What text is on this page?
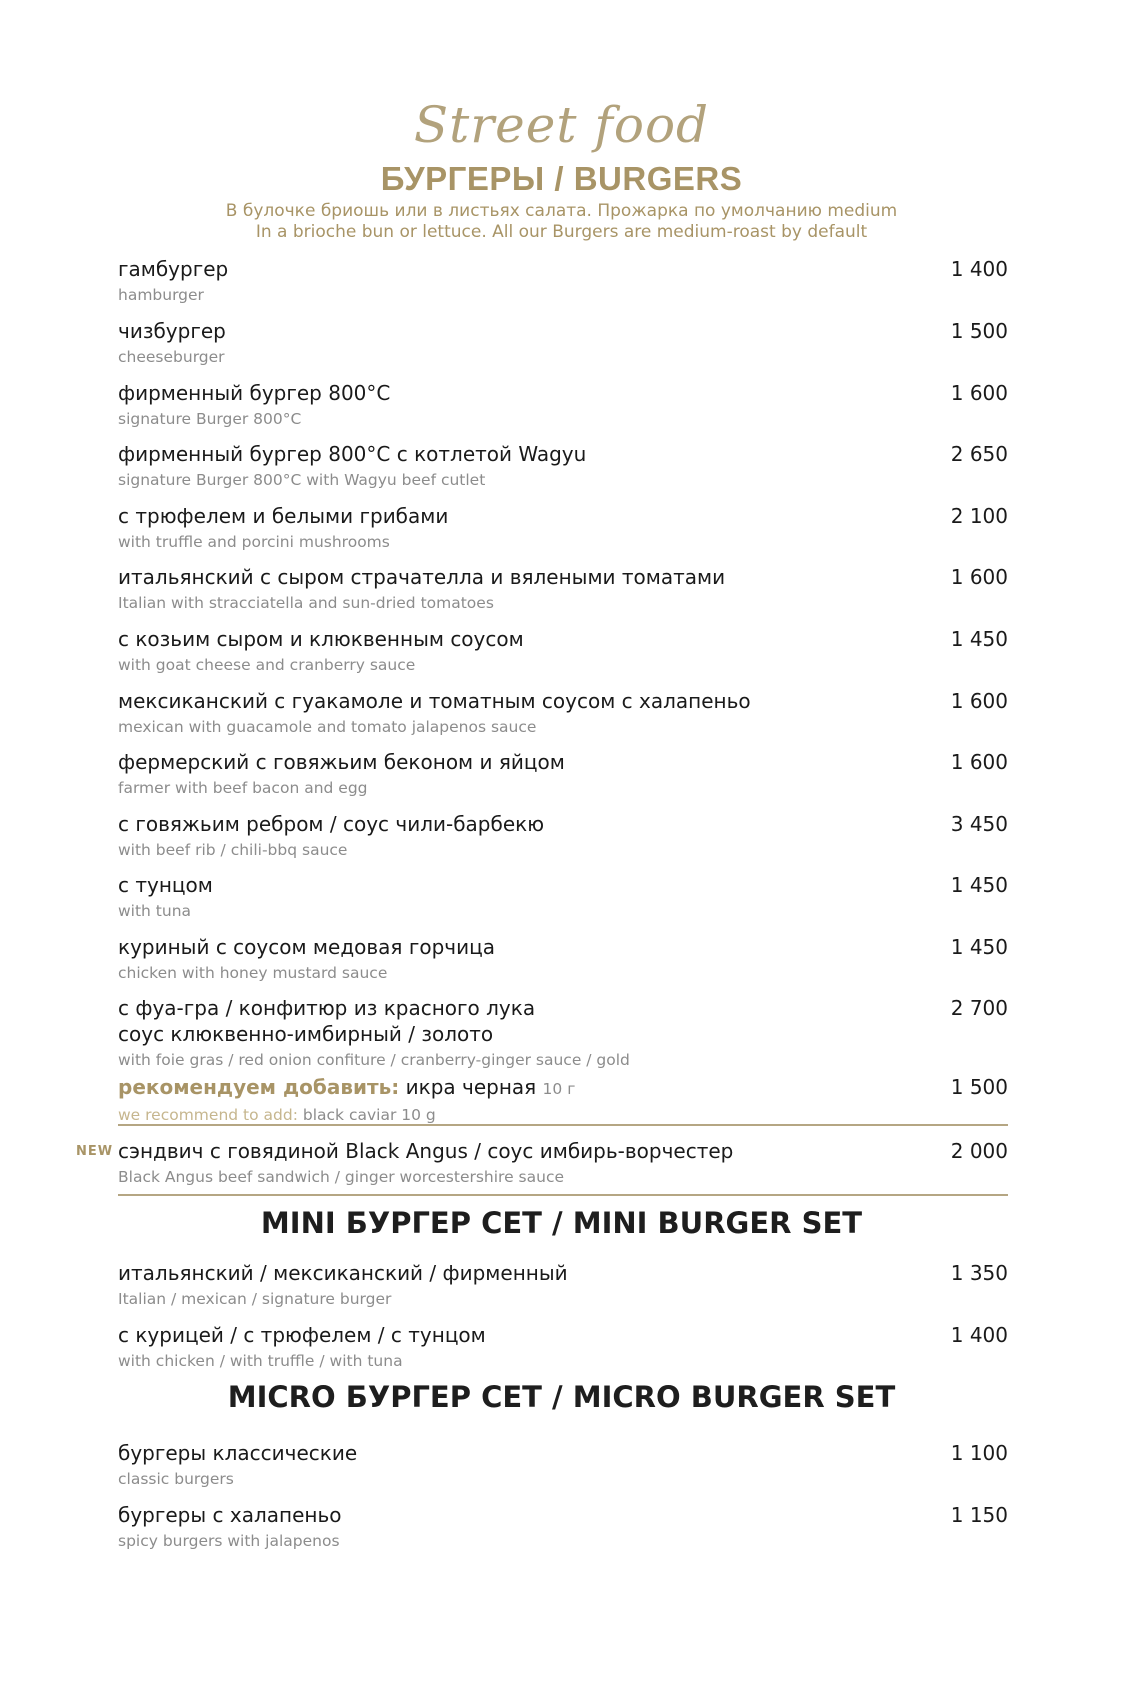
Street food
БУРГЕРЫ / BURGERS
В булочке бриошь или в листьях салата. Прожарка по умолчанию medium
In a brioche bun or lettuce. All our Burgers are medium-roast by default
гамбургер
hamburger
1 400
чизбургер
cheeseburger
1 500
фирменный бургер 800°С
signature Burger 800°С
1 600
фирменный бургер 800°С с котлетой Wagyu
signature Burger 800°С with Wagyu beef cutlet
2 650
с трюфелем и белыми грибами
with truffle and porcini mushrooms
2 100
итальянский с сыром страчателла и вялеными томатами
Italian with stracciatella and sun-dried tomatoes
1 600
с козьим сыром и клюквенным соусом
with goat cheese and cranberry sauce
1 450
мексиканский с гуакамоле и томатным соусом с халапеньо
mexican with guacamole and tomato jalapenos sauce
1 600
фермерский с говяжьим беконом и яйцом
farmer with beef bacon and egg
1 600
с говяжьим ребром / соус чили-барбекю
with beef rib / chili-bbq sauce
3 450
с тунцом
with tuna
1 450
куриный с соусом медовая горчица
chicken with honey mustard sauce
1 450
с фуа-гра / конфитюр из красного лука
соус клюквенно-имбирный / золото
with foie gras / red onion confiture / cranberry-ginger sauce / gold
2 700
рекомендуем добавить: икра черная 10 г
we recommend to add: black caviar 10 g
1 500
NEW сэндвич с говядиной Black Angus / соус имбирь-ворчестер
Black Angus beef sandwich / ginger worcestershire sauce
2 000
MINI БУРГЕР СЕТ / MINI BURGER SET
итальянский / мексиканский / фирменный
Italian / mexican / signature burger
1 350
с курицей / с трюфелем / с тунцом
with chicken / with truffle / with tuna
1 400
MICRO БУРГЕР СЕТ / MICRO BURGER SET
бургеры классические
classic burgers
1 100
бургеры с халапеньо
spicy burgers with jalapenos
1 150
